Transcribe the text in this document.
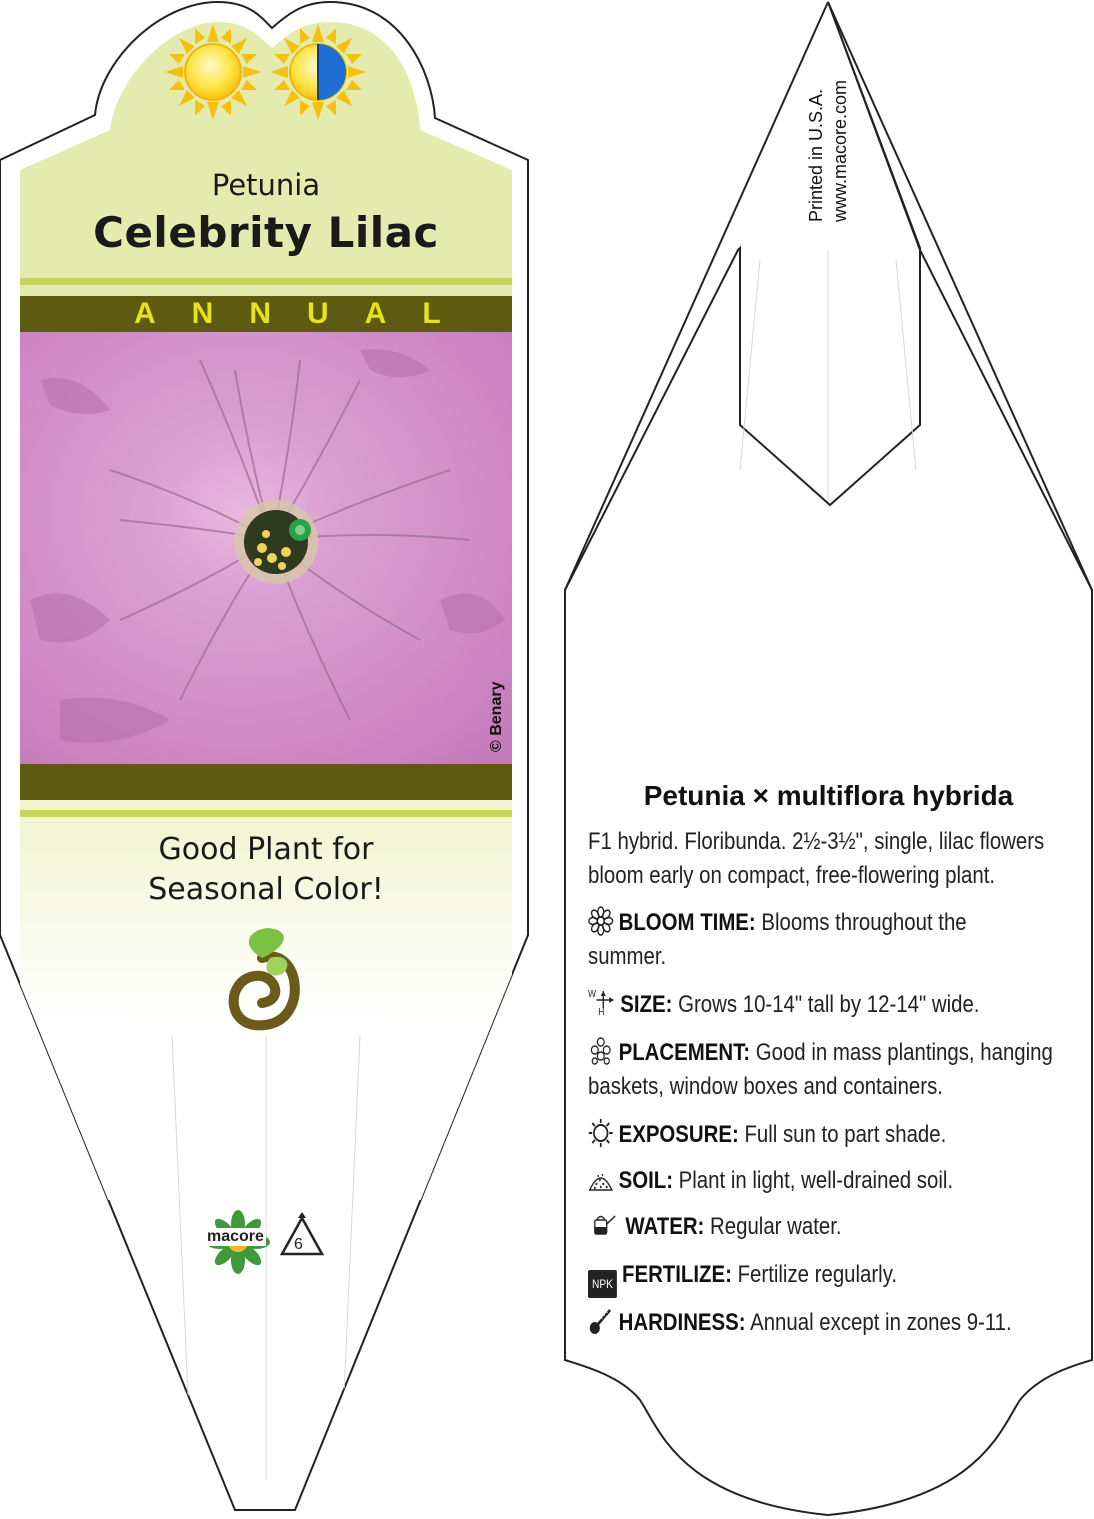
Petunia
Celebrity Lilac
ANNUAL
© Benary
Good Plant for
Seasonal Color!
macore 6
Printed in U.S.A. www.macore.com
Petunia × multiflora hybrida
F1 hybrid. Floribunda. 2½-3½", single, lilac flowers
bloom early on compact, free-flowering plant.
BLOOM TIME: Blooms throughout the
summer.
W
H SIZE: Grows 10-14" tall by 12-14" wide.
PLACEMENT: Good in mass plantings, hanging
baskets, window boxes and containers.
EXPOSURE: Full sun to part shade.
SOIL: Plant in light, well-drained soil.
WATER: Regular water.
NPK FERTILIZE: Fertilize regularly.
HARDINESS: Annual except in zones 9-11.
